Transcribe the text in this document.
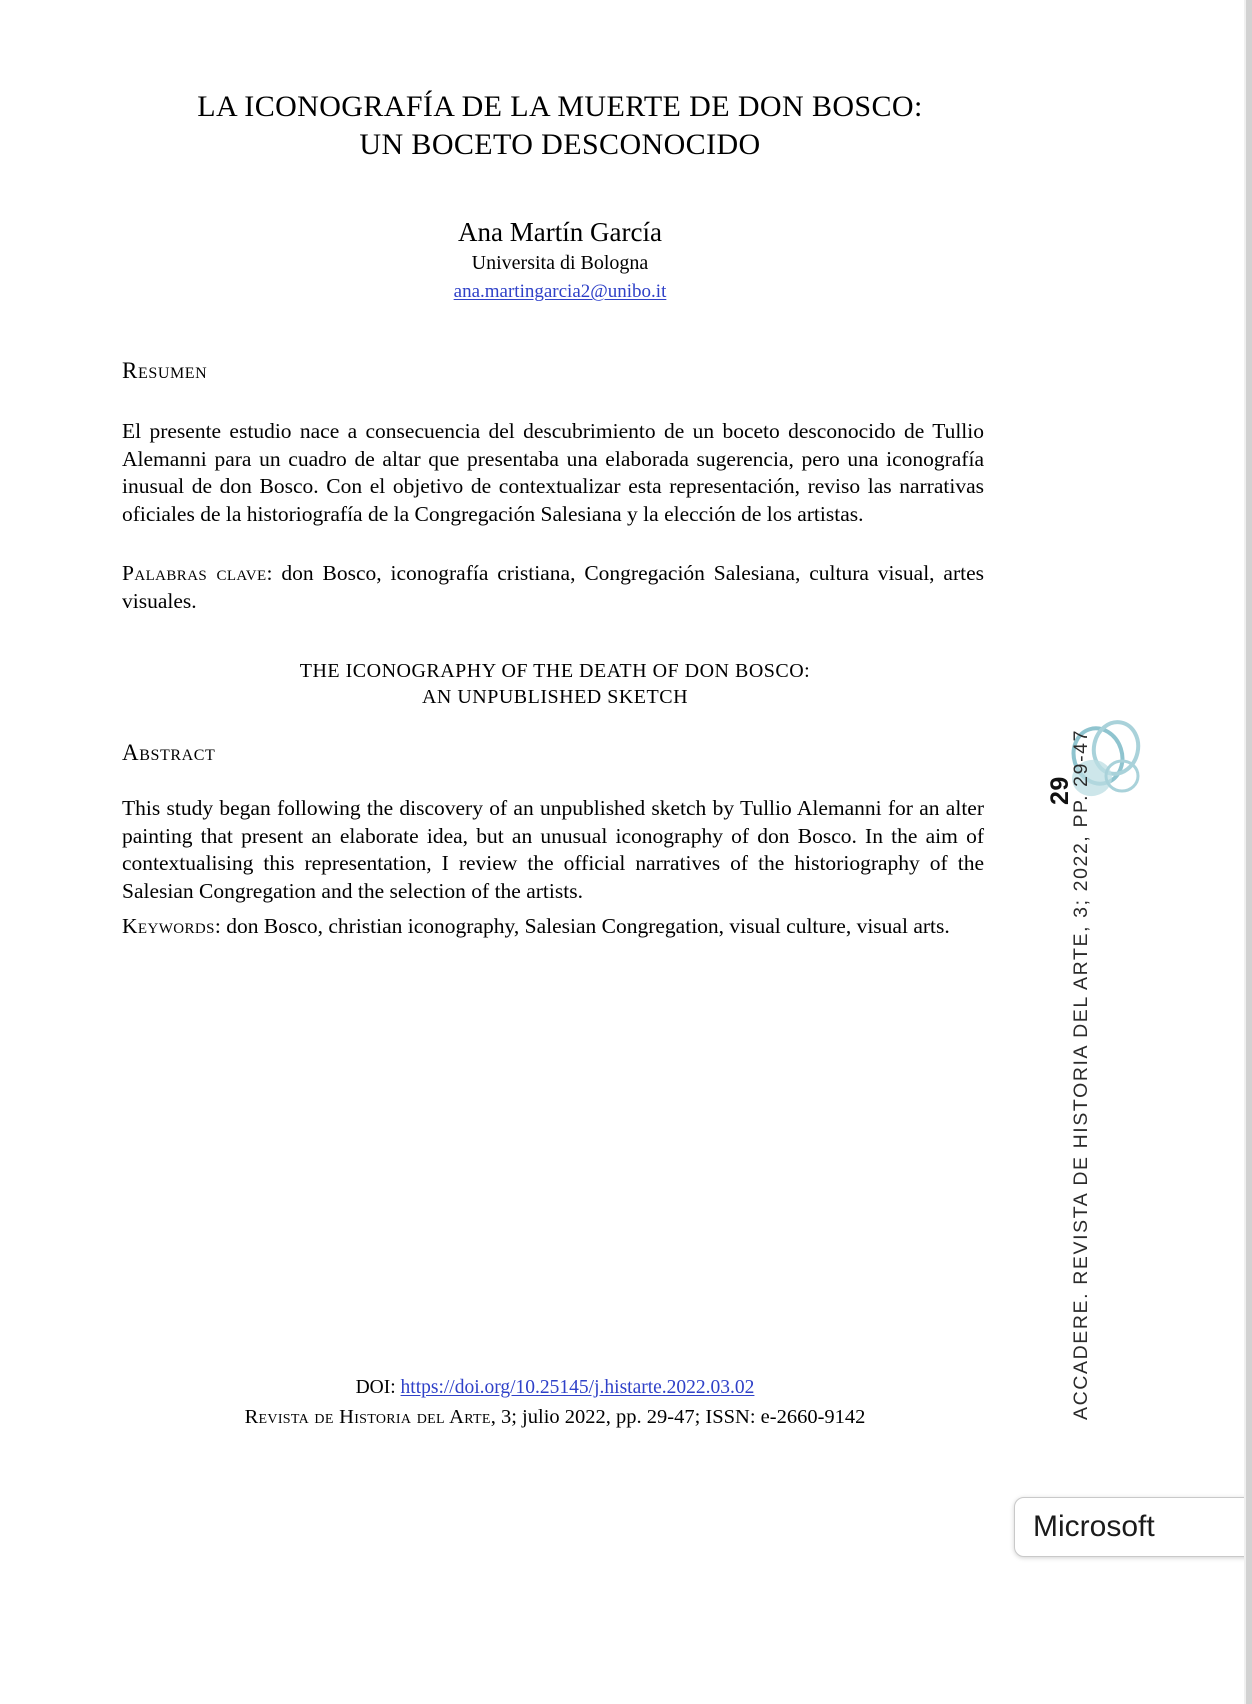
LA ICONOGRAFÍA DE LA MUERTE DE DON BOSCO:
UN BOCETO DESCONOCIDO
Ana Martín García
Universita di Bologna
ana.martingarcia2@unibo.it
Resumen
El presente estudio nace a consecuencia del descubrimiento de un boceto desconocido de Tullio Alemanni para un cuadro de altar que presentaba una elaborada sugerencia, pero una iconografía inusual de don Bosco. Con el objetivo de contextualizar esta representación, reviso las narrativas oficiales de la historiografía de la Congregación Salesiana y la elección de los artistas.
Palabras clave: don Bosco, iconografía cristiana, Congregación Salesiana, cultura visual, artes visuales.
THE ICONOGRAPHY OF THE DEATH OF DON BOSCO:
AN UNPUBLISHED SKETCH
Abstract
This study began following the discovery of an unpublished sketch by Tullio Alemanni for an alter painting that present an elaborate idea, but an unusual iconography of don Bosco. In the aim of contextualising this representation, I review the official narratives of the historiography of the Salesian Congregation and the selection of the artists.
Keywords: don Bosco, christian iconography, Salesian Congregation, visual culture, visual arts.
DOI: https://doi.org/10.25145/j.histarte.2022.03.02
Revista de Historia del Arte, 3; julio 2022, pp. 29-47; ISSN: e-2660-9142
29
ACCADERE. REVISTA DE HISTORIA DEL ARTE, 3; 2022, PP. 29-47
Microsoft
